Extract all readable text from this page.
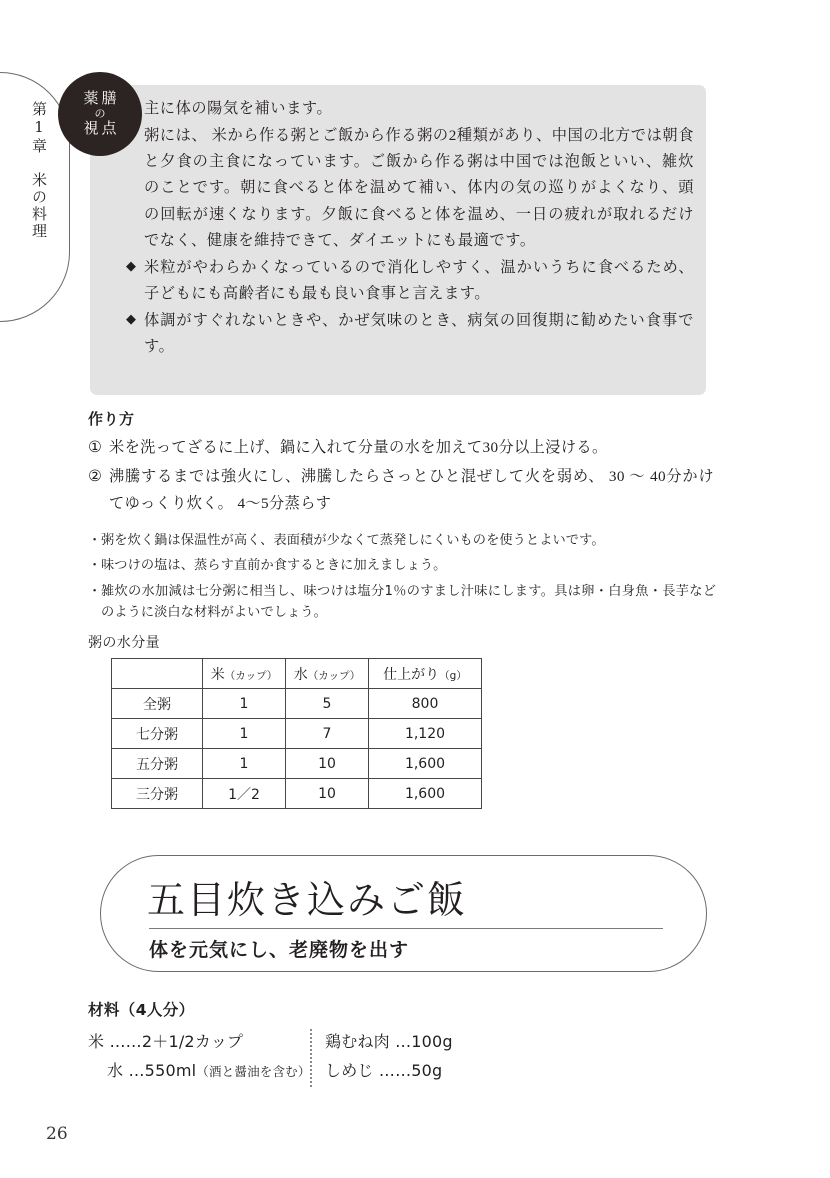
第1章　米の料理
薬膳
の
視点
主に体の陽気を補います。
粥には、 米から作る粥とご飯から作る粥の2種類があり、中国の北方では朝食と夕食の主食になっています。ご飯から作る粥は中国では泡飯といい、雑炊のことです。朝に食べると体を温めて補い、体内の気の巡りがよくなり、頭の回転が速くなります。夕飯に食べると体を温め、一日の疲れが取れるだけでなく、健康を維持できて、ダイエットにも最適です。
◆ 米粒がやわらかくなっているので消化しやすく、温かいうちに食べるため、子どもにも高齢者にも最も良い食事と言えます。
◆ 体調がすぐれないときや、かぜ気味のとき、病気の回復期に勧めたい食事です。
作り方
① 米を洗ってざるに上げ、鍋に入れて分量の水を加えて30分以上浸ける。
② 沸騰するまでは強火にし、沸騰したらさっとひと混ぜして火を弱め、 30 〜 40分かけてゆっくり炊く。 4〜5分蒸らす
・ 粥を炊く鍋は保温性が高く、表面積が少なくて蒸発しにくいものを使うとよいです。
・ 味つけの塩は、蒸らす直前か食するときに加えましょう。
・ 雑炊の水加減は七分粥に相当し、味つけは塩分1％のすまし汁味にします。具は卵・白身魚・長芋などのように淡白な材料がよいでしょう。
粥の水分量
	米（カップ）	水（カップ）	仕上がり（g）
全粥	1	5	800
七分粥	1	7	1,120
五分粥	1	10	1,600
三分粥	1／2	10	1,600
五目炊き込みご飯
体を元気にし、老廃物を出す
材料（4人分）
米 ……2＋1/2カップ
水 …550ml（酒と醤油を含む）
鶏むね肉 …100g
しめじ ……50g
26
